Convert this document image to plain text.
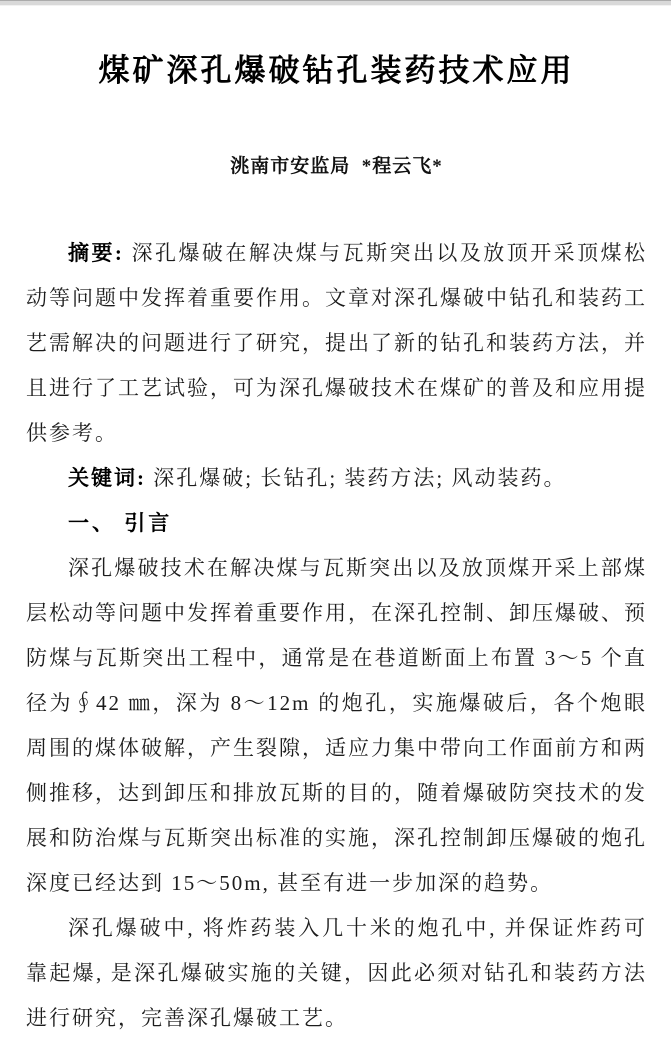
煤矿深孔爆破钻孔装药技术应用
洮南市安监局  *程云飞*

摘要: 深孔爆破在解决煤与瓦斯突出以及放顶开采顶煤松动等问题中发挥着重要作用。文章对深孔爆破中钻孔和装药工艺需解决的问题进行了研究，提出了新的钻孔和装药方法，并且进行了工艺试验，可为深孔爆破技术在煤矿的普及和应用提供参考。

关键词: 深孔爆破; 长钻孔; 装药方法; 风动装药。

一、 引言

深孔爆破技术在解决煤与瓦斯突出以及放顶煤开采上部煤层松动等问题中发挥着重要作用，在深孔控制、卸压爆破、预防煤与瓦斯突出工程中，通常是在巷道断面上布置 3～5 个直径为∮42 ㎜，深为 8～12m 的炮孔，实施爆破后，各个炮眼周围的煤体破解，产生裂隙，适应力集中带向工作面前方和两侧推移，达到卸压和排放瓦斯的目的，随着爆破防突技术的发展和防治煤与瓦斯突出标准的实施，深孔控制卸压爆破的炮孔深度已经达到 15～50m, 甚至有进一步加深的趋势。

深孔爆破中, 将炸药装入几十米的炮孔中, 并保证炸药可靠起爆, 是深孔爆破实施的关键，因此必须对钻孔和装药方法进行研究，完善深孔爆破工艺。
